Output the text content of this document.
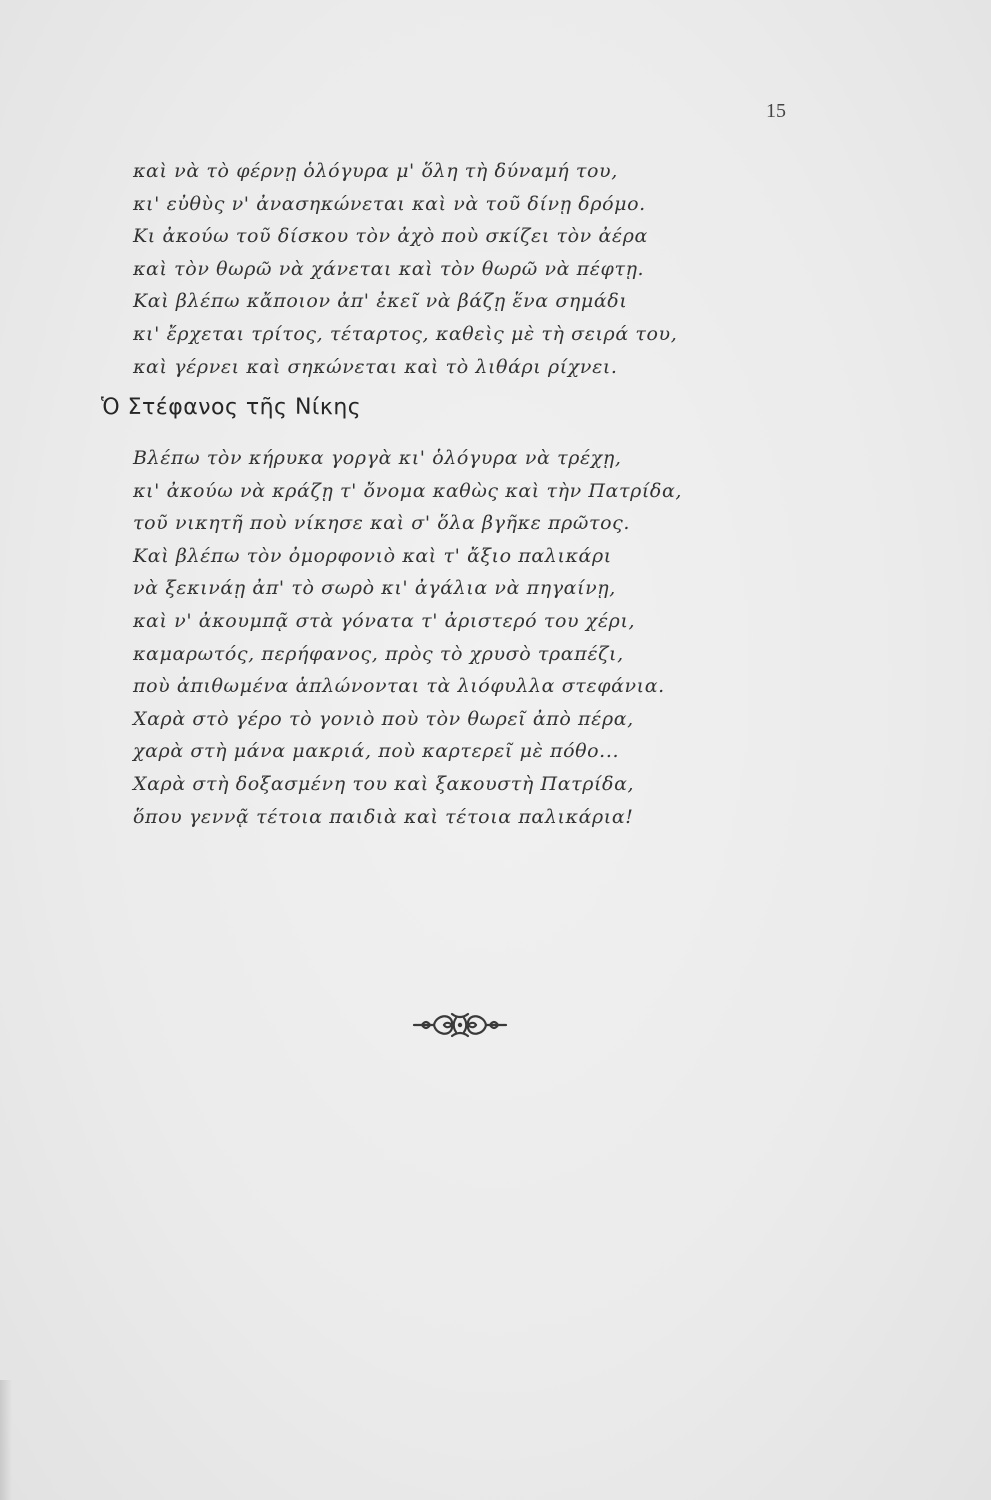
15
καὶ νὰ τὸ φέρνῃ ὁλόγυρα μ' ὅλη τὴ δύναμή του,
κι' εὐθὺς ν' ἀνασηκώνεται καὶ νὰ τοῦ δίνῃ δρόμο.
Κι ἀκούω τοῦ δίσκου τὸν ἀχὸ ποὺ σκίζει τὸν ἀέρα
καὶ τὸν θωρῶ νὰ χάνεται καὶ τὸν θωρῶ νὰ πέφτῃ.
Καὶ βλέπω κἄποιον ἀπ' ἐκεῖ νὰ βάζῃ ἕνα σημάδι
κι' ἔρχεται τρίτος, τέταρτος, καθεὶς μὲ τὴ σειρά του,
καὶ γέρνει καὶ σηκώνεται καὶ τὸ λιθάρι ρίχνει.
Ὁ Στέφανος τῆς Νίκης
Βλέπω τὸν κήρυκα γοργὰ κι' ὁλόγυρα νὰ τρέχῃ,
κι' ἀκούω νὰ κράζῃ τ' ὄνομα καθὼς καὶ τὴν Πατρίδα,
τοῦ νικητῆ ποὺ νίκησε καὶ σ' ὅλα βγῆκε πρῶτος.
Καὶ βλέπω τὸν ὀμορφονιὸ καὶ τ' ἄξιο παλικάρι
νὰ ξεκινάῃ ἀπ' τὸ σωρὸ κι' ἀγάλια νὰ πηγαίνῃ,
καὶ ν' ἀκουμπᾷ στὰ γόνατα τ' ἀριστερό του χέρι,
καμαρωτός, περήφανος, πρὸς τὸ χρυσὸ τραπέζι,
ποὺ ἀπιθωμένα ἁπλώνονται τὰ λιόφυλλα στεφάνια.
Χαρὰ στὸ γέρο τὸ γονιὸ ποὺ τὸν θωρεῖ ἀπὸ πέρα,
χαρὰ στὴ μάνα μακριά, ποὺ καρτερεῖ μὲ πόθο...
Χαρὰ στὴ δοξασμένη του καὶ ξακουστὴ Πατρίδα,
ὅπου γεννᾷ τέτοια παιδιὰ καὶ τέτοια παλικάρια!
